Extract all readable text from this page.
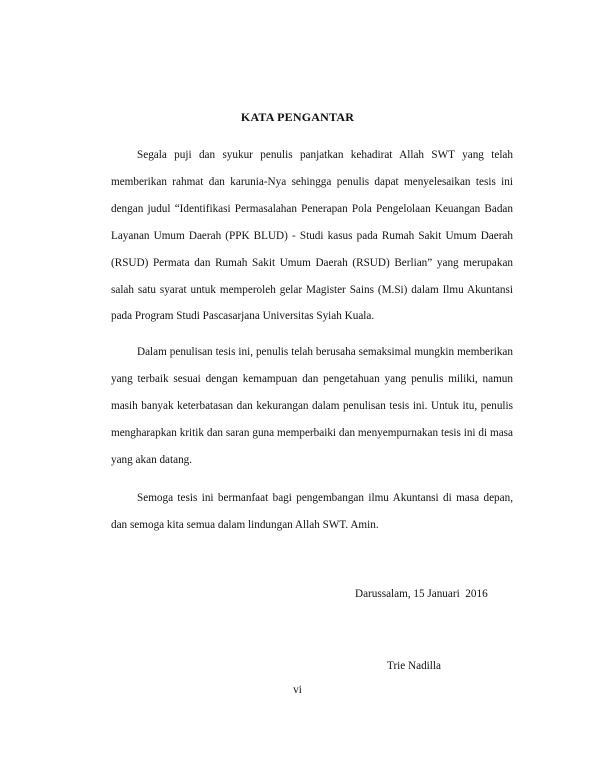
KATA PENGANTAR

Segala puji dan syukur penulis panjatkan kehadirat Allah SWT yang telah memberikan rahmat dan karunia-Nya sehingga penulis dapat menyelesaikan tesis ini dengan judul “Identifikasi Permasalahan Penerapan Pola Pengelolaan Keuangan Badan Layanan Umum Daerah (PPK BLUD) - Studi kasus pada Rumah Sakit Umum Daerah (RSUD) Permata dan Rumah Sakit Umum Daerah (RSUD) Berlian” yang merupakan salah satu syarat untuk memperoleh gelar Magister Sains (M.Si) dalam Ilmu Akuntansi pada Program Studi Pascasarjana Universitas Syiah Kuala.

Dalam penulisan tesis ini, penulis telah berusaha semaksimal mungkin memberikan yang terbaik sesuai dengan kemampuan dan pengetahuan yang penulis miliki, namun masih banyak keterbatasan dan kekurangan dalam penulisan tesis ini. Untuk itu, penulis mengharapkan kritik dan saran guna memperbaiki dan menyempurnakan tesis ini di masa yang akan datang.

Semoga tesis ini bermanfaat bagi pengembangan ilmu Akuntansi di masa depan, dan semoga kita semua dalam lindungan Allah SWT. Amin.

Darussalam, 15 Januari  2016
Trie Nadilla
vi
